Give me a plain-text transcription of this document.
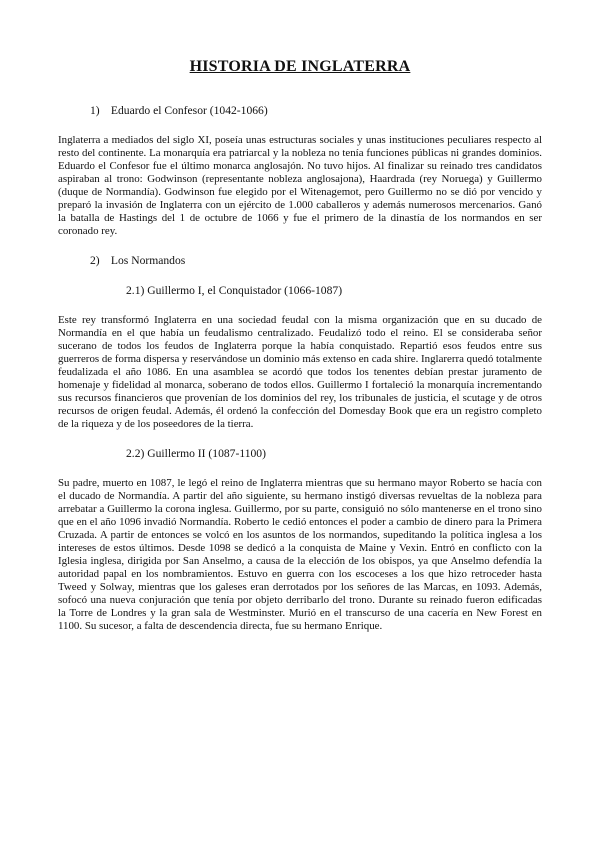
HISTORIA DE INGLATERRA
1) Eduardo el Confesor (1042-1066)

Inglaterra a mediados del siglo XI, poseía unas estructuras sociales y unas instituciones peculiares respecto al resto del continente. La monarquía era patriarcal y la nobleza no tenía funciones públicas ni grandes dominios. Eduardo el Confesor fue el último monarca anglosajón. No tuvo hijos. Al finalizar su reinado tres candidatos aspiraban al trono: Godwinson (representante nobleza anglosajona), Haardrada (rey Noruega) y Guillermo (duque de Normandía). Godwinson fue elegido por el Witenagemot, pero Guillermo no se dió por vencido y preparó la invasión de Inglaterra con un ejército de 1.000 caballeros y además numerosos mercenarios. Ganó la batalla de Hastings del 1 de octubre de 1066 y fue el primero de la dinastía de los normandos en ser coronado rey.

2) Los Normandos
2.1) Guillermo I, el Conquistador (1066-1087)

Este rey transformó Inglaterra en una sociedad feudal con la misma organización que en su ducado de Normandía en el que había un feudalismo centralizado. Feudalizó todo el reino. El se consideraba señor sucerano de todos los feudos de Inglaterra porque la había conquistado. Repartió esos feudos entre sus guerreros de forma dispersa y reservándose un dominio más extenso en cada shire. Inglarerra quedó totalmente feudalizada el año 1086. En una asamblea se acordó que todos los tenentes debían prestar juramento de homenaje y fidelidad al monarca, soberano de todos ellos. Guillermo I fortaleció la monarquía incrementando sus recursos financieros que provenían de los dominios del rey, los tribunales de justicia, el scutage y de otros recursos de origen feudal. Además, él ordenó la confección del Domesday Book que era un registro completo de la riqueza y de los poseedores de la tierra.

2.2) Guillermo II (1087-1100)

Su padre, muerto en 1087, le legó el reino de Inglaterra mientras que su hermano mayor Roberto se hacía con el ducado de Normandía. A partir del año siguiente, su hermano instigó diversas revueltas de la nobleza para arrebatar a Guillermo la corona inglesa. Guillermo, por su parte, consiguió no sólo mantenerse en el trono sino que en el año 1096 invadió Normandía. Roberto le cedió entonces el poder a cambio de dinero para la Primera Cruzada. A partir de entonces se volcó en los asuntos de los normandos, supeditando la política inglesa a los intereses de estos últimos. Desde 1098 se dedicó a la conquista de Maine y Vexin. Entró en conflicto con la Iglesia inglesa, dirigida por San Anselmo, a causa de la elección de los obispos, ya que Anselmo defendía la autoridad papal en los nombramientos. Estuvo en guerra con los escoceses a los que hizo retroceder hasta Tweed y Solway, mientras que los galeses eran derrotados por los señores de las Marcas, en 1093. Además, sofocó una nueva conjuración que tenía por objeto derribarlo del trono. Durante su reinado fueron edificadas la Torre de Londres y la gran sala de Westminster. Murió en el transcurso de una cacería en New Forest en 1100. Su sucesor, a falta de descendencia directa, fue su hermano Enrique.
